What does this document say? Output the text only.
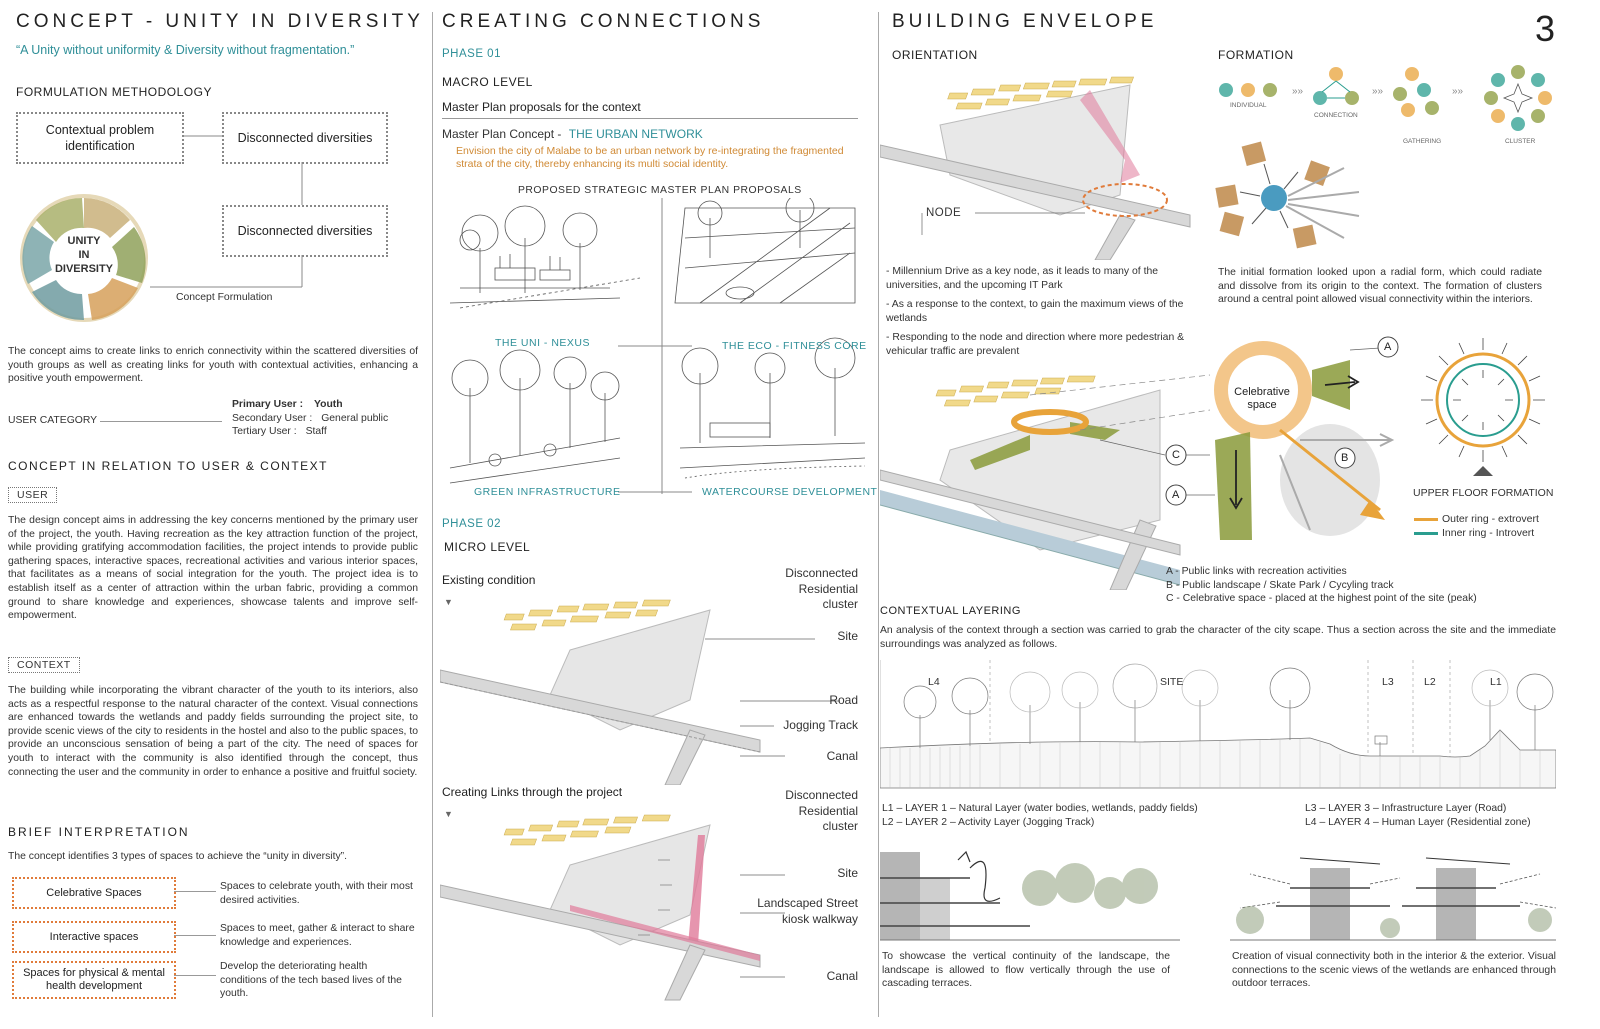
CONCEPT - UNITY IN DIVERSITY
“A Unity without uniformity & Diversity without fragmentation.”
FORMULATION METHODOLOGY
Contextual problem identification
Disconnected diversities
Disconnected diversities
UNITY
IN
DIVERSITY
Concept Formulation
The concept aims to create links to enrich connectivity within the scattered diversities of youth groups as well as creating links for youth with contextual activities, enhancing a positive youth empowerment.
USER CATEGORY
Primary User : Youth
Secondary User : General public
Tertiary User : Staff
CONCEPT IN RELATION TO USER & CONTEXT
USER
The design concept aims in addressing the key concerns mentioned by the primary user of the project, the youth. Having recreation as the key attraction function of the project, while providing gratifying accommodation facilities, the project intends to provide public gathering spaces, interactive spaces, recreational activities and various interior spaces, that facilitates as a means of social integration for the youth. The project idea is to establish itself as a center of attraction within the urban fabric, providing a common ground to share knowledge and experiences, showcase talents and improve self-empowerment.
CONTEXT
The building while incorporating the vibrant character of the youth to its interiors, also acts as a respectful response to the natural character of the context. Visual connections are enhanced towards the wetlands and paddy fields surrounding the project site, to provide scenic views of the city to residents in the hostel and also to the public spaces, to provide an unconscious sensation of being a part of the city. The need of spaces for youth to interact with the community is also identified through the concept, thus connecting the user and the community in order to enhance a positive and fruitful society.
BRIEF INTERPRETATION
The concept identifies 3 types of spaces to achieve the “unity in diversity”.
Celebrative Spaces	Spaces to celebrate youth, with their most desired activities.
Interactive spaces
Spaces to meet, gather & interact to share knowledge and experiences.
Spaces for physical & mental health development
Develop the deteriorating health conditions of the tech based lives of the youth.
CREATING CONNECTIONS
PHASE 01
MACRO LEVEL
Master Plan proposals for the context
Master Plan Concept - THE URBAN NETWORK
Envision the city of Malabe to be an urban network by re-integrating the fragmented strata of the city, thereby enhancing its multi social identity.
PROPOSED STRATEGIC MASTER PLAN PROPOSALS
THE UNI - NEXUS	THE ECO - FITNESS CORE
GREEN INFRASTRUCTURE	WATERCOURSE DEVELOPMENT
PHASE 02
MICRO LEVEL
Existing condition
▼
Disconnected Residential cluster
Site
Road
Jogging Track
Canal
Creating Links through the project
▼
Disconnected Residential cluster
Site
Landscaped Street kiosk walkway
Canal
BUILDING ENVELOPE	3
ORIENTATION
NODE
- Millennium Drive as a key node, as it leads to many of the universities, and the upcoming IT Park
- As a response to the context, to gain the maximum views of the wetlands
- Responding to the node and direction where more pedestrian & vehicular traffic are prevalent
FORMATION
»»	»»	»»
INDIVIDUAL
CONNECTION
GATHERING	CLUSTER
The initial formation looked upon a radial form, which could radiate and dissolve from its origin to the context. The formation of clusters around a central point allowed visual connectivity within the interiors.
Celebrative space
C
A
B
A
UPPER FLOOR FORMATION
Outer ring - extrovert
Inner ring - Introvert
A - Public links with recreation activities
B - Public landscape / Skate Park / Cycyling track
C - Celebrative space - placed at the highest point of the site (peak)
CONTEXTUAL LAYERING
An analysis of the context through a section was carried to grab the character of the city scape. Thus a section across the site and the immediate surroundings was analyzed as follows.
L4	SITE	L3	L2	L1
L1 – LAYER 1 – Natural Layer (water bodies, wetlands, paddy fields)
L2 – LAYER 2 – Activity Layer (Jogging Track)
L3 – LAYER 3 – Infrastructure Layer (Road)
L4 – LAYER 4 – Human Layer (Residential zone)
To showcase the vertical continuity of the landscape, the landscape is allowed to flow vertically through the use of cascading terraces.
Creation of visual connectivity both in the interior & the exterior. Visual connections to the scenic views of the wetlands are enhanced through outdoor terraces.
